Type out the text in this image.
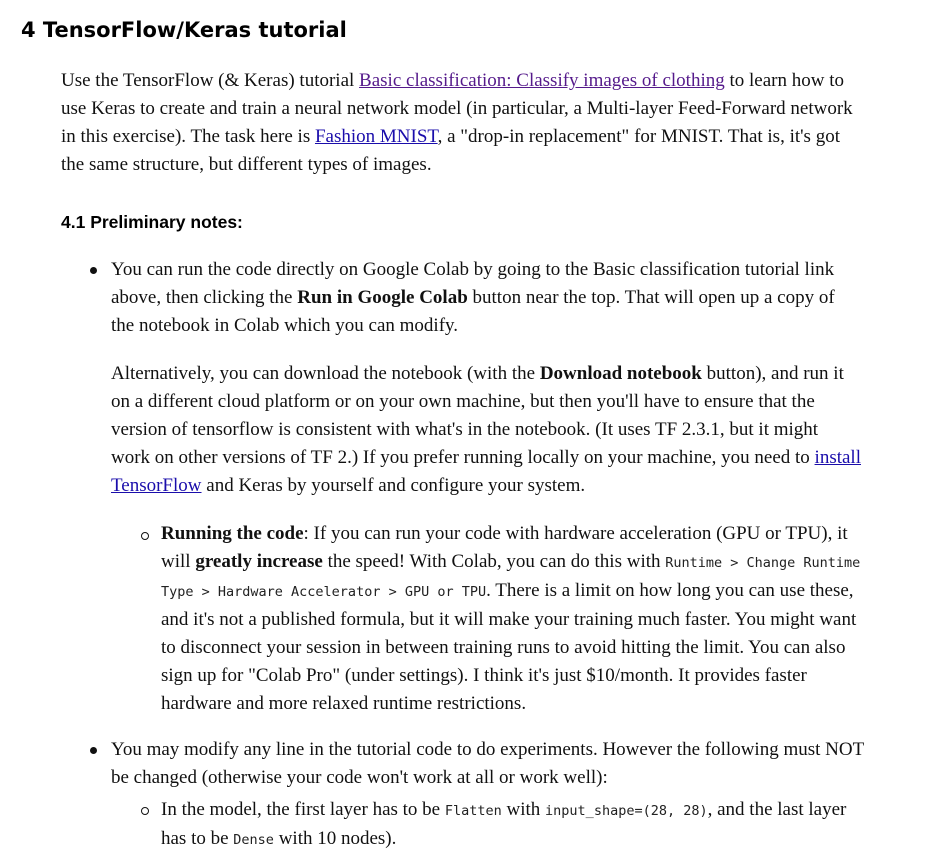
4 TensorFlow/Keras tutorial
Use the TensorFlow (& Keras) tutorial Basic classification: Classify images of clothing to learn how to use Keras to create and train a neural network model (in particular, a Multi-layer Feed-Forward network in this exercise). The task here is Fashion MNIST, a "drop-in replacement" for MNIST. That is, it's got the same structure, but different types of images.
4.1 Preliminary notes:
You can run the code directly on Google Colab by going to the Basic classification tutorial link above, then clicking the Run in Google Colab button near the top. That will open up a copy of the notebook in Colab which you can modify.
Alternatively, you can download the notebook (with the Download notebook button), and run it on a different cloud platform or on your own machine, but then you'll have to ensure that the version of tensorflow is consistent with what's in the notebook. (It uses TF 2.3.1, but it might work on other versions of TF 2.) If you prefer running locally on your machine, you need to install TensorFlow and Keras by yourself and configure your system.
Running the code: If you can run your code with hardware acceleration (GPU or TPU), it will greatly increase the speed! With Colab, you can do this with Runtime > Change Runtime Type > Hardware Accelerator > GPU or TPU. There is a limit on how long you can use these, and it's not a published formula, but it will make your training much faster. You might want to disconnect your session in between training runs to avoid hitting the limit. You can also sign up for "Colab Pro" (under settings). I think it's just $10/month. It provides faster hardware and more relaxed runtime restrictions.
You may modify any line in the tutorial code to do experiments. However the following must NOT be changed (otherwise your code won't work at all or work well):
In the model, the first layer has to be Flatten with input_shape=(28, 28), and the last layer has to be Dense with 10 nodes).
